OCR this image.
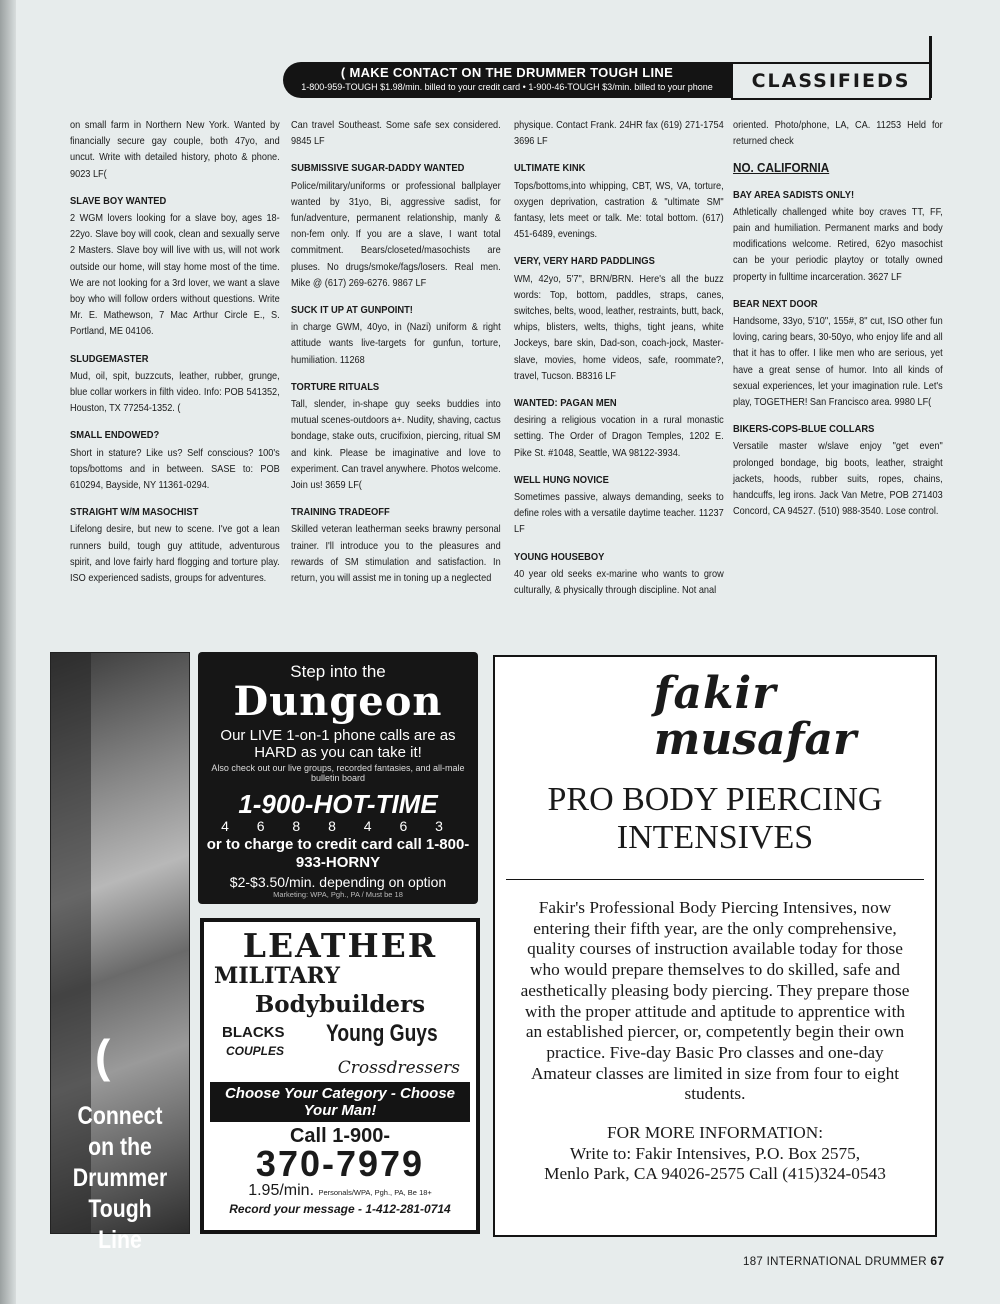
( MAKE CONTACT ON THE DRUMMER TOUGH LINE
1-800-959-TOUGH $1.98/min. billed to your credit card • 1-900-46-TOUGH $3/min. billed to your phone	CLASSIFIEDS

on small farm in Northern New York. Wanted by financially secure gay couple, both 47yo, and uncut. Write with detailed history, photo & phone. 9023 LF(

SLAVE BOY WANTED

2 WGM lovers looking for a slave boy, ages 18-22yo. Slave boy will cook, clean and sexually serve 2 Masters. Slave boy will live with us, will not work outside our home, will stay home most of the time. We are not looking for a 3rd lover, we want a slave boy who will follow orders without questions. Write Mr. E. Mathewson, 7 Mac Arthur Circle E., S. Portland, ME 04106.

SLUDGEMASTER

Mud, oil, spit, buzzcuts, leather, rubber, grunge, blue collar workers in filth video. Info: POB 541352, Houston, TX 77254-1352. (

SMALL ENDOWED?

Short in stature? Like us? Self conscious? 100's tops/bottoms and in between. SASE to: POB 610294, Bayside, NY 11361-0294.

STRAIGHT W/M MASOCHIST

Lifelong desire, but new to scene. I've got a lean runners build, tough guy attitude, adventurous spirit, and love fairly hard flogging and torture play. ISO experienced sadists, groups for adventures.

Can travel Southeast. Some safe sex considered. 9845 LF

SUBMISSIVE SUGAR-DADDY WANTED

Police/military/uniforms or professional ballplayer wanted by 31yo, Bi, aggressive sadist, for fun/adventure, permanent relationship, manly & non-fem only. If you are a slave, I want total commitment. Bears/closeted/masochists are pluses. No drugs/smoke/fags/losers. Real men. Mike @ (617) 269-6276. 9867 LF

SUCK IT UP AT GUNPOINT!

in charge GWM, 40yo, in (Nazi) uniform & right attitude wants live-targets for gunfun, torture, humiliation. 11268

TORTURE RITUALS

Tall, slender, in-shape guy seeks buddies into mutual scenes-outdoors a+. Nudity, shaving, cactus bondage, stake outs, crucifixion, piercing, ritual SM and kink. Please be imaginative and love to experiment. Can travel anywhere. Photos welcome. Join us! 3659 LF(

TRAINING TRADEOFF

Skilled veteran leatherman seeks brawny personal trainer. I'll introduce you to the pleasures and rewards of SM stimulation and satisfaction. In return, you will assist me in toning up a neglected

physique. Contact Frank. 24HR fax (619) 271-1754 3696 LF

ULTIMATE KINK

Tops/bottoms,into whipping, CBT, WS, VA, torture, oxygen deprivation, castration & "ultimate SM" fantasy, lets meet or talk. Me: total bottom. (617) 451-6489, evenings.

VERY, VERY HARD PADDLINGS

WM, 42yo, 5'7", BRN/BRN. Here's all the buzz words: Top, bottom, paddles, straps, canes, switches, belts, wood, leather, restraints, butt, back, whips, blisters, welts, thighs, tight jeans, white Jockeys, bare skin, Dad-son, coach-jock, Master-slave, movies, home videos, safe, roommate?, travel, Tucson. B8316 LF

WANTED: PAGAN MEN

desiring a religious vocation in a rural monastic setting. The Order of Dragon Temples, 1202 E. Pike St. #1048, Seattle, WA 98122-3934.

WELL HUNG NOVICE

Sometimes passive, always demanding, seeks to define roles with a versatile daytime teacher. 11237 LF

YOUNG HOUSEBOY

40 year old seeks ex-marine who wants to grow culturally, & physically through discipline. Not anal

oriented. Photo/phone, LA, CA. 11253 Held for returned check

NO. CALIFORNIA
BAY AREA SADISTS ONLY!

Athletically challenged white boy craves TT, FF, pain and humiliation. Permanent marks and body modifications welcome. Retired, 62yo masochist can be your periodic playtoy or totally owned property in fulltime incarceration. 3627 LF

BEAR NEXT DOOR

Handsome, 33yo, 5'10", 155#, 8" cut, ISO other fun loving, caring bears, 30-50yo, who enjoy life and all that it has to offer. I like men who are serious, yet have a great sense of humor. Into all kinds of sexual experiences, let your imagination rule. Let's play, TOGETHER! San Francisco area. 9980 LF(

BIKERS-COPS-BLUE COLLARS

Versatile master w/slave enjoy "get even" prolonged bondage, big boots, leather, straight jackets, hoods, rubber suits, ropes, chains, handcuffs, leg irons. Jack Van Metre, POB 271403 Concord, CA 94527. (510) 988-3540. Lose control.

(
Connect on the Drummer Tough Line
Step into the
Dungeon
Our LIVE 1-on-1 phone calls are as HARD as you can take it!
Also check out our live groups, recorded fantasies, and all-male bulletin board
1-900-HOT-TIME
4 6 8 8 4 6 3
or to charge to credit card call 1-800-933-HORNY
$2-$3.50/min. depending on option
Marketing: WPA, Pgh., PA / Must be 18
LEATHER
MILITARY
Bodybuilders
BLACKS
COUPLES
Young Guys
Crossdressers
Choose Your Category - Choose Your Man!
Call 1-900-
370-7979
1.95/min. Personals/WPA, Pgh., PA, Be 18+
Record your message - 1-412-281-0714
fakir
musafar
PRO BODY PIERCING INTENSIVES
Fakir's Professional Body Piercing Intensives, now entering their fifth year, are the only comprehensive, quality courses of instruction available today for those who would prepare themselves to do skilled, safe and aesthetically pleasing body piercing. They prepare those with the proper attitude and aptitude to apprentice with an established piercer, or, competently begin their own practice. Five-day Basic Pro classes and one-day Amateur classes are limited in size from four to eight students.
FOR MORE INFORMATION:
Write to: Fakir Intensives, P.O. Box 2575,
Menlo Park, CA 94026-2575 Call (415)324-0543
187 INTERNATIONAL DRUMMER 67
